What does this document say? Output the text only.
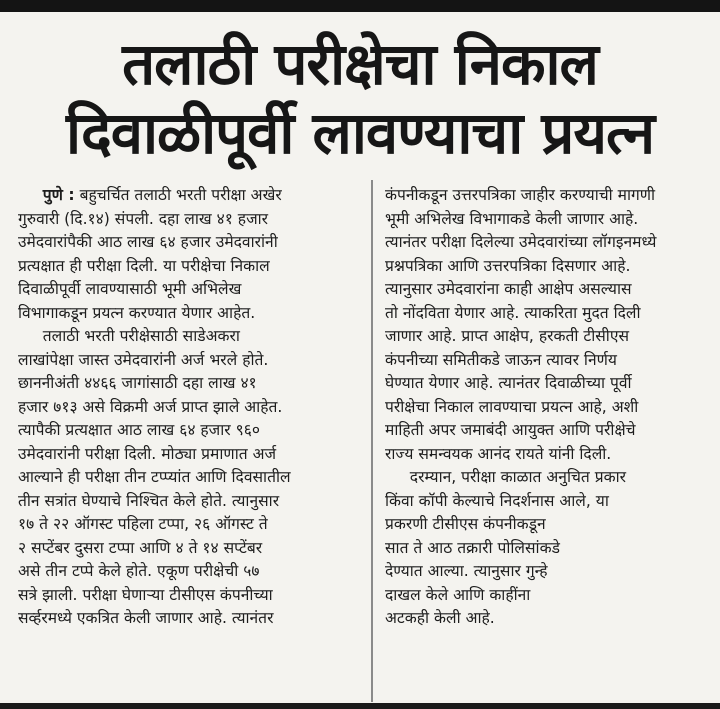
तलाठी परीक्षेचा निकाल
दिवाळीपूर्वी लावण्याचा प्रयत्न
पुणे : बहुचर्चित तलाठी भरती परीक्षा अखेर
गुरुवारी (दि.१४) संपली. दहा लाख ४१ हजार
उमेदवारांपैकी आठ लाख ६४ हजार उमेदवारांनी
प्रत्यक्षात ही परीक्षा दिली. या परीक्षेचा निकाल
दिवाळीपूर्वी लावण्यासाठी भूमी अभिलेख
विभागाकडून प्रयत्न करण्यात येणार आहेत.
तलाठी भरती परीक्षेसाठी साडेअकरा
लाखांपेक्षा जास्त उमेदवारांनी अर्ज भरले होते.
छाननीअंती ४४६६ जागांसाठी दहा लाख ४१
हजार ७१३ असे विक्रमी अर्ज प्राप्त झाले आहेत.
त्यापैकी प्रत्यक्षात आठ लाख ६४ हजार ९६०
उमेदवारांनी परीक्षा दिली. मोठ्या प्रमाणात अर्ज
आल्याने ही परीक्षा तीन टप्प्यांत आणि दिवसातील
तीन सत्रांत घेण्याचे निश्चित केले होते. त्यानुसार
१७ ते २२ ऑगस्ट पहिला टप्पा, २६ ऑगस्ट ते
२ सप्टेंबर दुसरा टप्पा आणि ४ ते १४ सप्टेंबर
असे तीन टप्पे केले होते. एकूण परीक्षेची ५७
सत्रे झाली. परीक्षा घेणाऱ्या टीसीएस कंपनीच्या
सर्व्हरमध्ये एकत्रित केली जाणार आहे. त्यानंतर
कंपनीकडून उत्तरपत्रिका जाहीर करण्याची मागणी
भूमी अभिलेख विभागाकडे केली जाणार आहे.
त्यानंतर परीक्षा दिलेल्या उमेदवारांच्या लॉगइनमध्ये
प्रश्नपत्रिका आणि उत्तरपत्रिका दिसणार आहे.
त्यानुसार उमेदवारांना काही आक्षेप असल्यास
तो नोंदविता येणार आहे. त्याकरिता मुदत दिली
जाणार आहे. प्राप्त आक्षेप, हरकती टीसीएस
कंपनीच्या समितीकडे जाऊन त्यावर निर्णय
घेण्यात येणार आहे. त्यानंतर दिवाळीच्या पूर्वी
परीक्षेचा निकाल लावण्याचा प्रयत्न आहे, अशी
माहिती अपर जमाबंदी आयुक्त आणि परीक्षेचे
राज्य समन्वयक आनंद रायते यांनी दिली.
दरम्यान, परीक्षा काळात अनुचित प्रकार
किंवा कॉपी केल्याचे निदर्शनास आले, या
प्रकरणी टीसीएस कंपनीकडून
सात ते आठ तक्रारी पोलिसांकडे
देण्यात आल्या. त्यानुसार गुन्हे
दाखल केले आणि काहींना
अटकही केली आहे.
